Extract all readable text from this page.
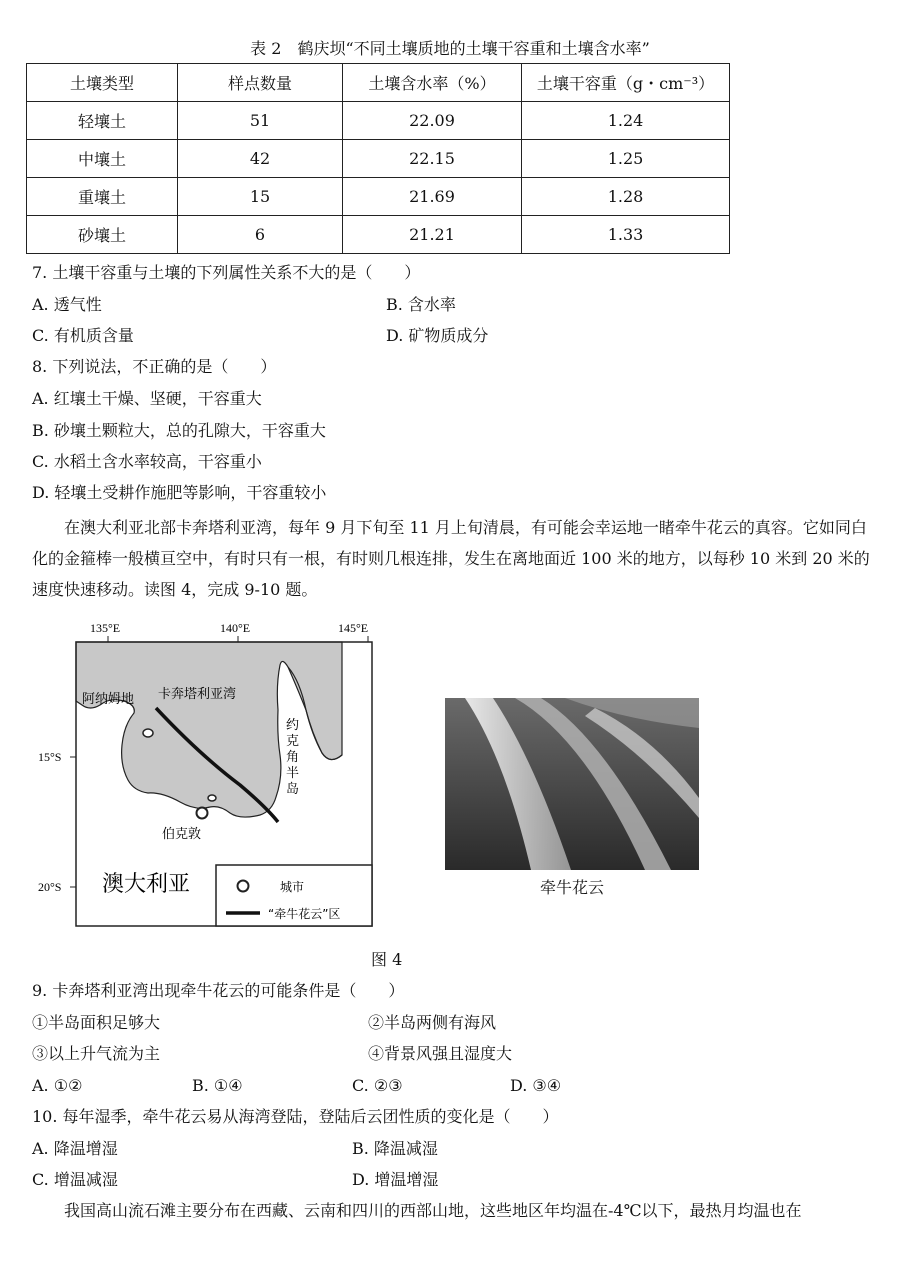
表 2　鹤庆坝“不同土壤质地的土壤干容重和土壤含水率”
土壤类型	样点数量	土壤含水率（%）	土壤干容重（g・cm⁻³）
轻壤土	51	22.09	1.24
中壤土	42	22.15	1.25
重壤土	15	21.69	1.28
砂壤土	6	21.21	1.33
7. 土壤干容重与土壤的下列属性关系不大的是（　　）
A. 透气性	B. 含水率
C. 有机质含量	D. 矿物质成分
8. 下列说法，不正确的是（　　）
A. 红壤土干燥、坚硬，干容重大
B. 砂壤土颗粒大，总的孔隙大，干容重大
C. 水稻土含水率较高，干容重小
D. 轻壤土受耕作施肥等影响，干容重较小
在澳大利亚北部卡奔塔利亚湾，每年 9 月下旬至 11 月上旬清晨，有可能会幸运地一睹牵牛花云的真容。它如同白化的金箍棒一般横亘空中，有时只有一根，有时则几根连排，发生在离地面近 100 米的地方，以每秒 10 米到 20 米的速度快速移动。读图 4，完成 9-10 题。
135°E	140°E	145°E
15°S
20°S
阿纳姆地 卡奔塔利亚湾
约 克 角 半 岛
伯克敦
澳大利亚	城市
“牵牛花云”区
牵牛花云
图 4
9. 卡奔塔利亚湾出现牵牛花云的可能条件是（　　）
①半岛面积足够大	②半岛两侧有海风
③以上升气流为主	④背景风强且湿度大
A. ①②	B. ①④	C. ②③	D. ③④
10. 每年湿季，牵牛花云易从海湾登陆，登陆后云团性质的变化是（　　）
A. 降温增湿	B. 降温减湿
C. 增温减湿	D. 增温增湿
我国高山流石滩主要分布在西藏、云南和四川的西部山地，这些地区年均温在-4℃以下，最热月均温也在
